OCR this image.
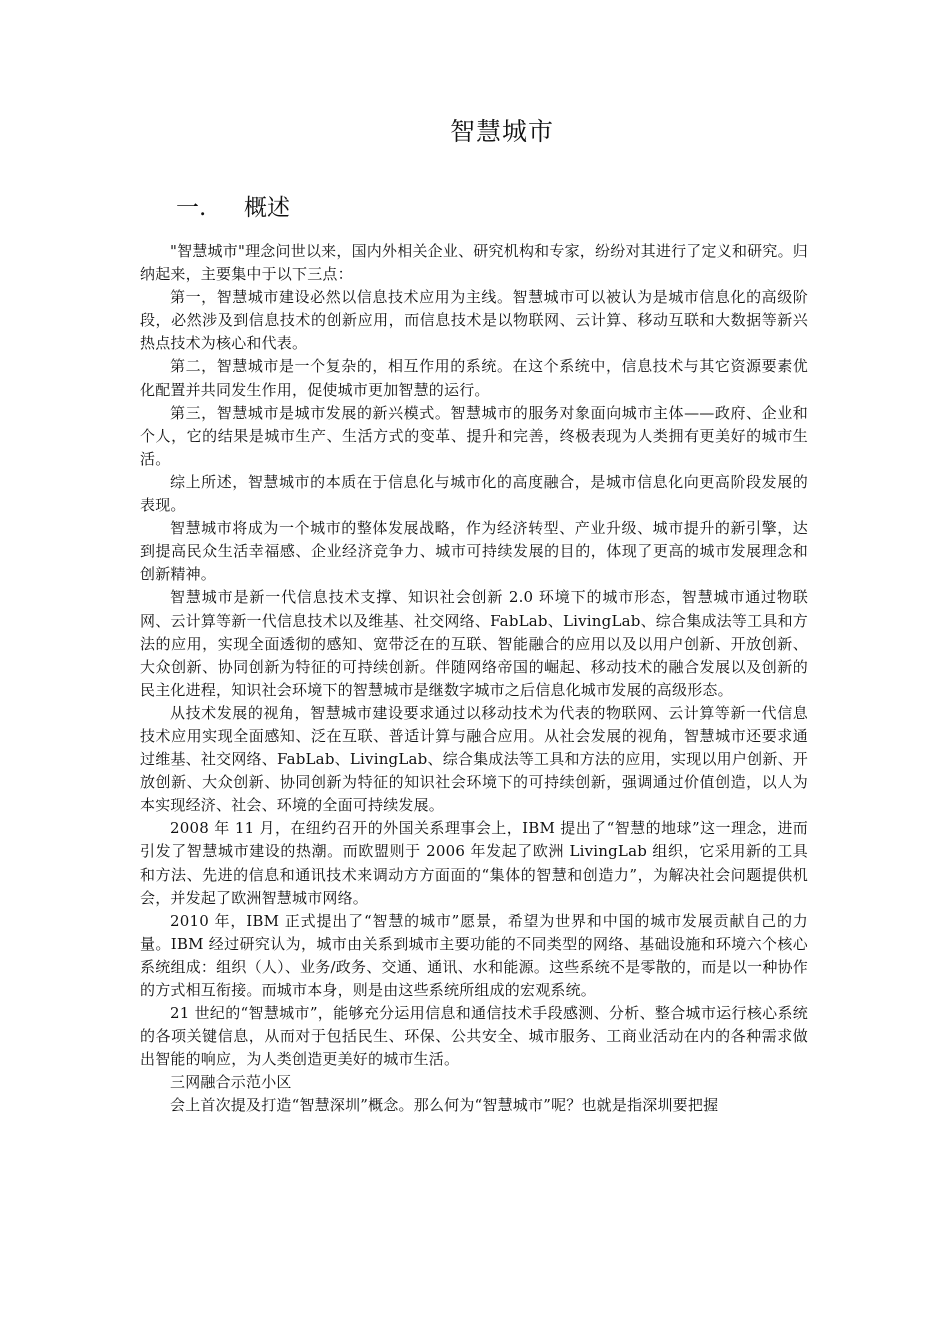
智慧城市
一. 概述

"智慧城市"理念问世以来，国内外相关企业、研究机构和专家，纷纷对其进行了定义和研究。归纳起来，主要集中于以下三点：

第一，智慧城市建设必然以信息技术应用为主线。智慧城市可以被认为是城市信息化的高级阶段，必然涉及到信息技术的创新应用，而信息技术是以物联网、云计算、移动互联和大数据等新兴热点技术为核心和代表。

第二，智慧城市是一个复杂的，相互作用的系统。在这个系统中，信息技术与其它资源要素优化配置并共同发生作用，促使城市更加智慧的运行。

第三，智慧城市是城市发展的新兴模式。智慧城市的服务对象面向城市主体——政府、企业和个人，它的结果是城市生产、生活方式的变革、提升和完善，终极表现为人类拥有更美好的城市生活。

综上所述，智慧城市的本质在于信息化与城市化的高度融合，是城市信息化向更高阶段发展的表现。

智慧城市将成为一个城市的整体发展战略，作为经济转型、产业升级、城市提升的新引擎，达到提高民众生活幸福感、企业经济竞争力、城市可持续发展的目的，体现了更高的城市发展理念和创新精神。

智慧城市是新一代信息技术支撑、知识社会创新 2.0 环境下的城市形态，智慧城市通过物联网、云计算等新一代信息技术以及维基、社交网络、FabLab、LivingLab、综合集成法等工具和方法的应用，实现全面透彻的感知、宽带泛在的互联、智能融合的应用以及以用户创新、开放创新、大众创新、协同创新为特征的可持续创新。伴随网络帝国的崛起、移动技术的融合发展以及创新的民主化进程，知识社会环境下的智慧城市是继数字城市之后信息化城市发展的高级形态。

从技术发展的视角，智慧城市建设要求通过以移动技术为代表的物联网、云计算等新一代信息技术应用实现全面感知、泛在互联、普适计算与融合应用。从社会发展的视角，智慧城市还要求通过维基、社交网络、FabLab、LivingLab、综合集成法等工具和方法的应用，实现以用户创新、开放创新、大众创新、协同创新为特征的知识社会环境下的可持续创新，强调通过价值创造，以人为本实现经济、社会、环境的全面可持续发展。

2008 年 11 月，在纽约召开的外国关系理事会上，IBM 提出了“智慧的地球”这一理念，进而引发了智慧城市建设的热潮。而欧盟则于 2006 年发起了欧洲 LivingLab 组织，它采用新的工具和方法、先进的信息和通讯技术来调动方方面面的“集体的智慧和创造力”，为解决社会问题提供机会，并发起了欧洲智慧城市网络。

2010 年，IBM 正式提出了“智慧的城市”愿景，希望为世界和中国的城市发展贡献自己的力量。IBM 经过研究认为，城市由关系到城市主要功能的不同类型的网络、基础设施和环境六个核心系统组成：组织（人）、业务/政务、交通、通讯、水和能源。这些系统不是零散的，而是以一种协作的方式相互衔接。而城市本身，则是由这些系统所组成的宏观系统。

21 世纪的“智慧城市”，能够充分运用信息和通信技术手段感测、分析、整合城市运行核心系统的各项关键信息，从而对于包括民生、环保、公共安全、城市服务、工商业活动在内的各种需求做出智能的响应，为人类创造更美好的城市生活。

三网融合示范小区

会上首次提及打造“智慧深圳”概念。那么何为“智慧城市”呢？也就是指深圳要把握
